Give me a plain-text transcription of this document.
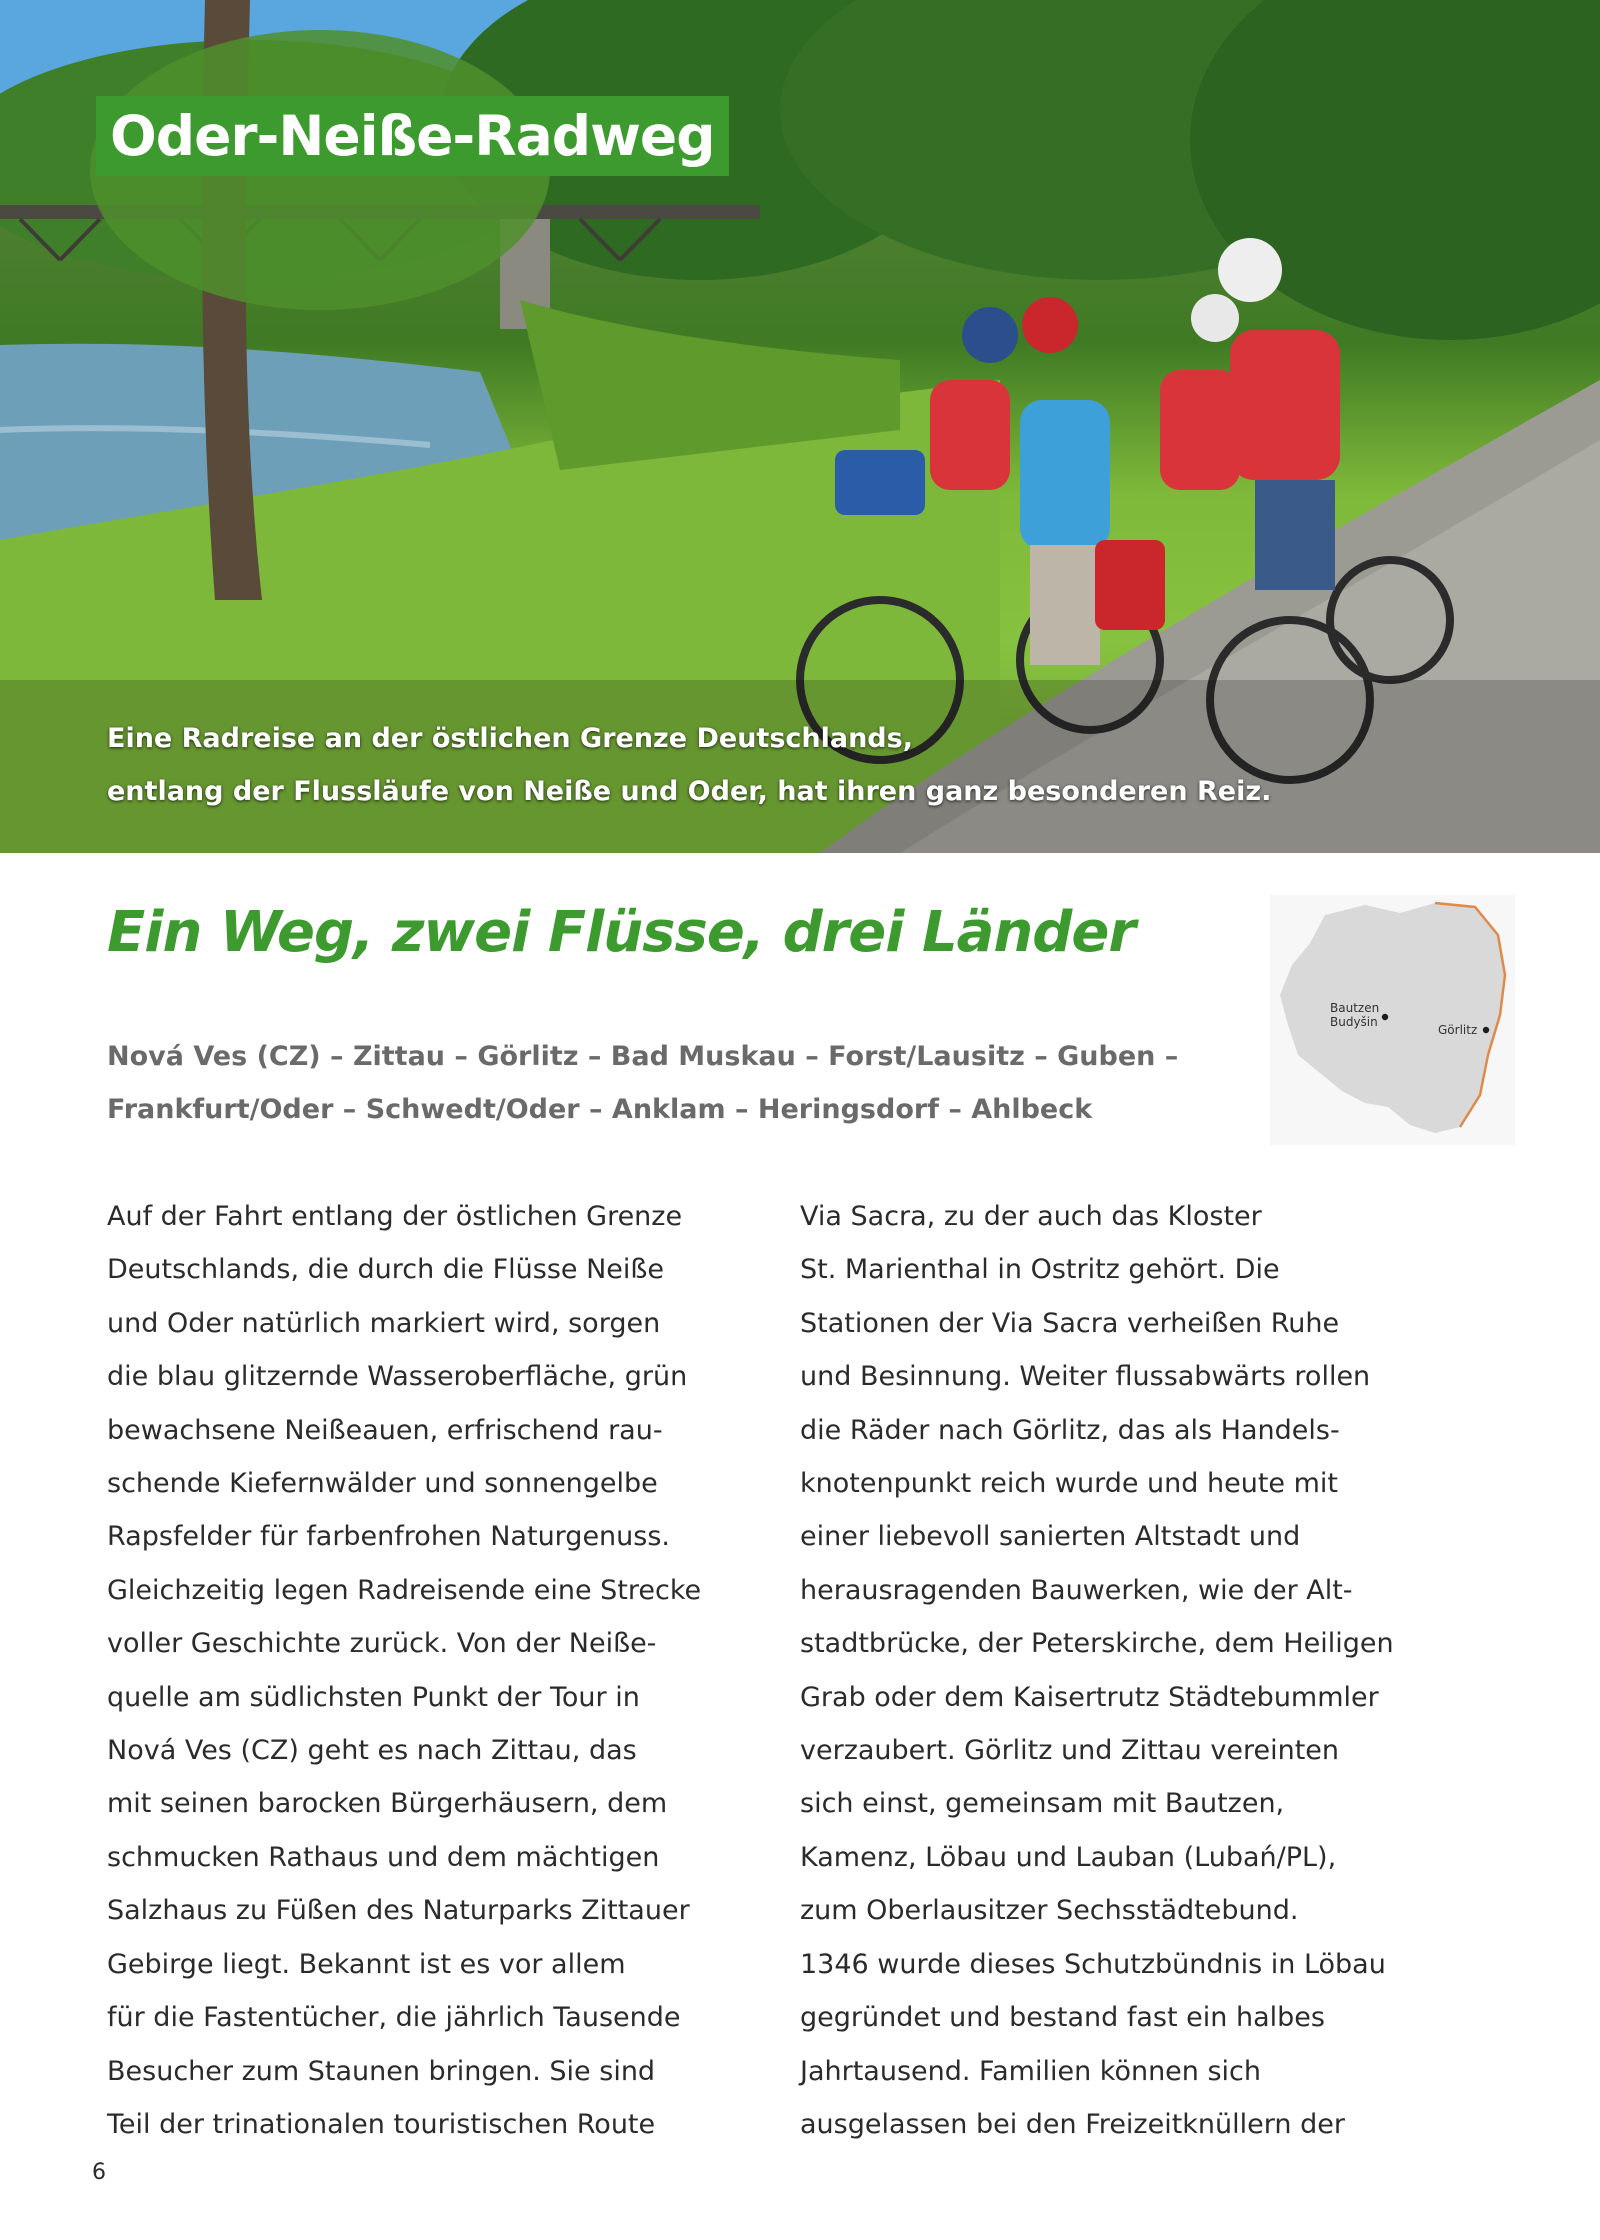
Oder-Neiße-Radweg
Eine Radreise an der östlichen Grenze Deutschlands,
entlang der Flussläufe von Neiße und Oder, hat ihren ganz besonderen Reiz.
Ein Weg, zwei Flüsse, drei Länder
Nová Ves (CZ) – Zittau – Görlitz – Bad Muskau – Forst/Lausitz – Guben –
Frankfurt/Oder – Schwedt/Oder – Anklam – Heringsdorf – Ahlbeck
Bautzen
Budyšin
Görlitz
Auf der Fahrt entlang der östlichen Grenze
Deutschlands, die durch die Flüsse Neiße
und Oder natürlich markiert wird, sorgen
die blau glitzernde Wasseroberfläche, grün
bewachsene Neißeauen, erfrischend rau-
schende Kiefernwälder und sonnengelbe
Rapsfelder für farbenfrohen Naturgenuss.
Gleichzeitig legen Radreisende eine Strecke
voller Geschichte zurück. Von der Neiße-
quelle am südlichsten Punkt der Tour in
Nová Ves (CZ) geht es nach Zittau, das
mit seinen barocken Bürgerhäusern, dem
schmucken Rathaus und dem mächtigen
Salzhaus zu Füßen des Naturparks Zittauer
Gebirge liegt. Bekannt ist es vor allem
für die Fastentücher, die jährlich Tausende
Besucher zum Staunen bringen. Sie sind
Teil der trinationalen touristischen Route
Via Sacra, zu der auch das Kloster
St. Marienthal in Ostritz gehört. Die
Stationen der Via Sacra verheißen Ruhe
und Besinnung. Weiter flussabwärts rollen
die Räder nach Görlitz, das als Handels-
knotenpunkt reich wurde und heute mit
einer liebevoll sanierten Altstadt und
herausragenden Bauwerken, wie der Alt-
stadtbrücke, der Peterskirche, dem Heiligen
Grab oder dem Kaisertrutz Städtebummler
verzaubert. Görlitz und Zittau vereinten
sich einst, gemeinsam mit Bautzen,
Kamenz, Löbau und Lauban (Lubań/PL),
zum Oberlausitzer Sechsstädtebund.
1346 wurde dieses Schutzbündnis in Löbau
gegründet und bestand fast ein halbes
Jahrtausend. Familien können sich
ausgelassen bei den Freizeitknüllern der
6
